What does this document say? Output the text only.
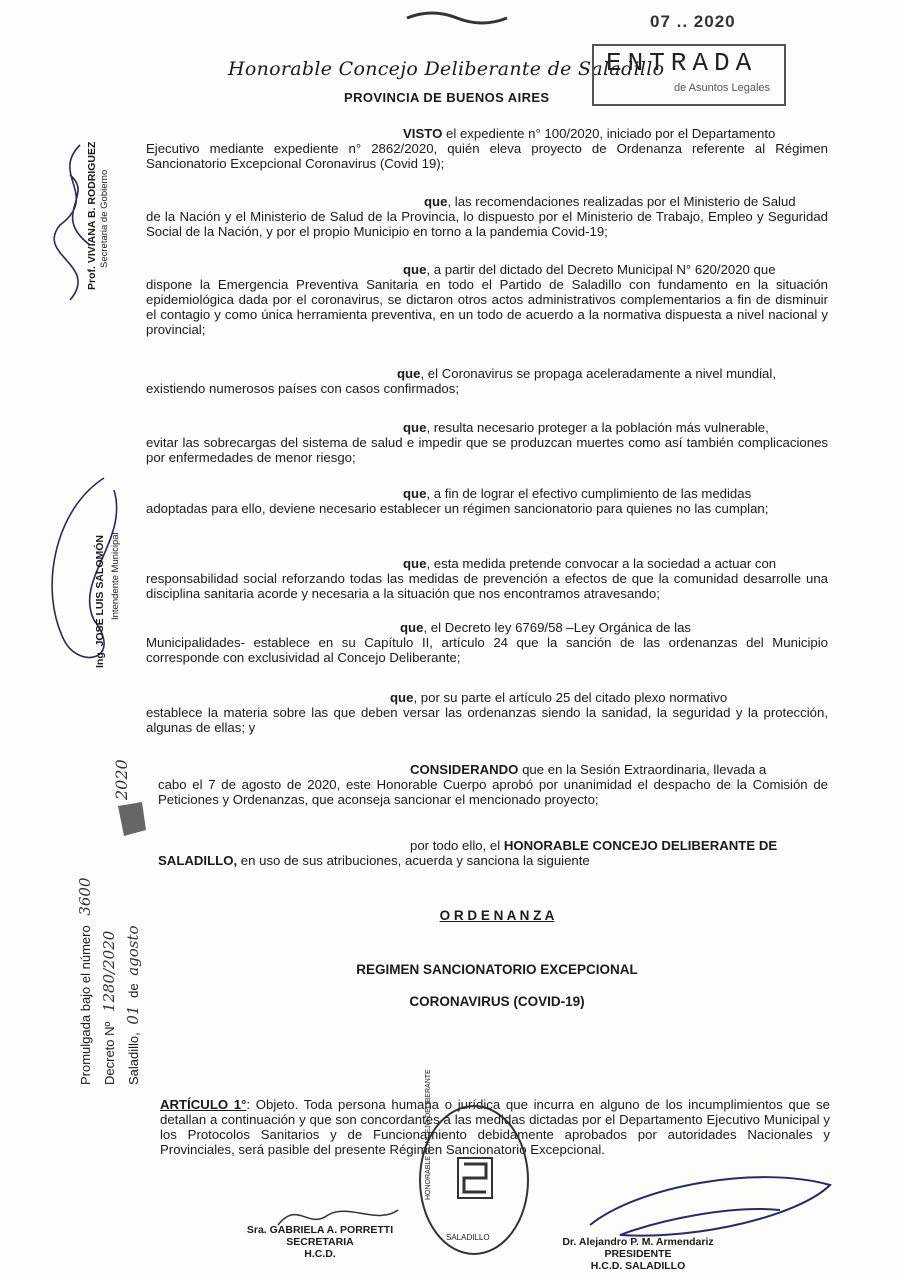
Honorable Concejo Deliberante de Saladillo
PROVINCIA DE BUENOS AIRES
07 .. 2020
ENTRADA
de Asuntos Legales
Prof. VIVIANA B. RODRIGUEZ Secretaria de Gobierno
Ing. JOSÉ LUIS SALOMÓN Intendente Municipal
Promulgada bajo el número 3600
Decreto Nº 1280/2020
Saladillo, 01 de agosto
2020
VISTO el expediente n° 100/2020, iniciado por el Departamento
Ejecutivo mediante expediente n° 2862/2020, quién eleva proyecto de Ordenanza referente al Régimen Sancionatorio Excepcional Coronavirus (Covid 19);
que, las recomendaciones realizadas por el Ministerio de Salud
de la Nación y el Ministerio de Salud de la Provincia, lo dispuesto por el Ministerio de Trabajo, Empleo y Seguridad Social de la Nación, y por el propio Municipio en torno a la pandemia Covid-19;
que, a partir del dictado del Decreto Municipal N° 620/2020 que
dispone la Emergencia Preventiva Sanitaria en todo el Partido de Saladillo con fundamento en la situación epidemiológica dada por el coronavirus, se dictaron otros actos administrativos complementarios a fin de disminuir el contagio y como única herramienta preventiva, en un todo de acuerdo a la normativa dispuesta a nivel nacional y provincial;
que, el Coronavirus se propaga aceleradamente a nivel mundial,
existiendo numerosos países con casos confirmados;
que, resulta necesario proteger a la población más vulnerable,
evitar las sobrecargas del sistema de salud e impedir que se produzcan muertes como así también complicaciones por enfermedades de menor riesgo;
que, a fin de lograr el efectivo cumplimiento de las medidas
adoptadas para ello, deviene necesario establecer un régimen sancionatorio para quienes no las cumplan;
que, esta medida pretende convocar a la sociedad a actuar con
responsabilidad social reforzando todas las medidas de prevención a efectos de que la comunidad desarrolle una disciplina sanitaria acorde y necesaria a la situación que nos encontramos atravesando;
que, el Decreto ley 6769/58 –Ley Orgánica de las
Municipalidades- establece en su Capítulo II, artículo 24 que la sanción de las ordenanzas del Municipio corresponde con exclusividad al Concejo Deliberante;
que, por su parte el artículo 25 del citado plexo normativo
establece la materia sobre las que deben versar las ordenanzas siendo la sanidad, la seguridad y la protección, algunas de ellas; y
CONSIDERANDO que en la Sesión Extraordinaria, llevada a
cabo el 7 de agosto de 2020, este Honorable Cuerpo aprobó por unanimidad el despacho de la Comisión de Peticiones y Ordenanzas, que aconseja sancionar el mencionado proyecto;
por todo ello, el HONORABLE CONCEJO DELIBERANTE DE
SALADILLO, en uso de sus atribuciones, acuerda y sanciona la siguiente
O R D E N A N Z A
REGIMEN SANCIONATORIO EXCEPCIONAL
CORONAVIRUS (COVID-19)
ARTÍCULO 1°: Objeto. Toda persona humana o jurídica que incurra en alguno de los incumplimientos que se detallan a continuación y que son concordantes a las medidas dictadas por el Departamento Ejecutivo Municipal y los Protocolos Sanitarios y de Funcionamiento debidamente aprobados por autoridades Nacionales y Provinciales, será pasible del presente Régimen Sancionatorio Excepcional.
SALADILLO
HONORABLE CONCEJO DELIBERANTE
Sra. GABRIELA A. PORRETTI
SECRETARIA
H.C.D.
Dr. Alejandro P. M. Armendariz
PRESIDENTE
H.C.D. SALADILLO
